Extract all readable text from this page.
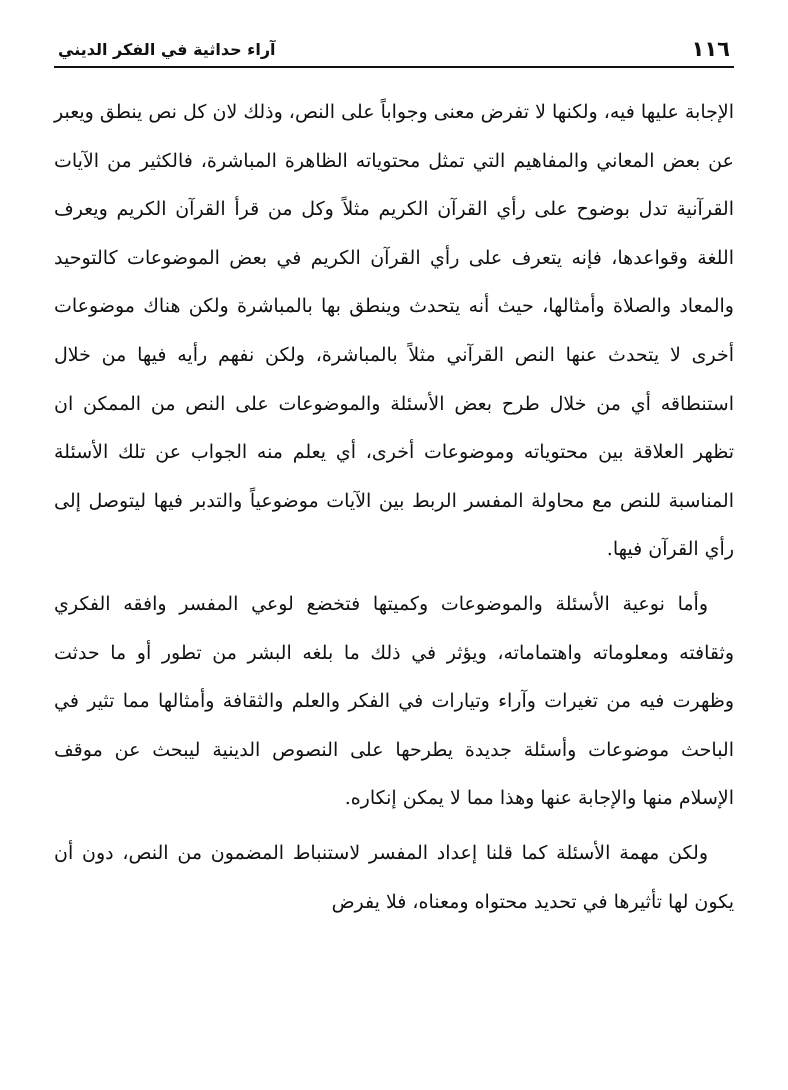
١١٦
آراء حداثية في الفكر الديني

الإجابة عليها فيه، ولكنها لا تفرض معنى وجواباً على النص، وذلك لان كل نص ينطق ويعبر عن بعض المعاني والمفاهيم التي تمثل محتوياته الظاهرة المباشرة، فالكثير من الآيات القرآنية تدل بوضوح على رأي القرآن الكريم مثلاً وكل من قرأ القرآن الكريم ويعرف اللغة وقواعدها، فإنه يتعرف على رأي القرآن الكريم في بعض الموضوعات كالتوحيد والمعاد والصلاة وأمثالها، حيث أنه يتحدث وينطق بها بالمباشرة ولكن هناك موضوعات أخرى لا يتحدث عنها النص القرآني مثلاً بالمباشرة، ولكن نفهم رأيه فيها من خلال استنطاقه أي من خلال طرح بعض الأسئلة والموضوعات على النص من الممكن ان تظهر العلاقة بين محتوياته وموضوعات أخرى، أي يعلم منه الجواب عن تلك الأسئلة المناسبة للنص مع محاولة المفسر الربط بين الآيات موضوعياً والتدبر فيها ليتوصل إلى رأي القرآن فيها.

وأما نوعية الأسئلة والموضوعات وكميتها فتخضع لوعي المفسر وافقه الفكري وثقافته ومعلوماته واهتماماته، ويؤثر في ذلك ما بلغه البشر من تطور أو ما حدثت وظهرت فيه من تغيرات وآراء وتيارات في الفكر والعلم والثقافة وأمثالها مما تثير في الباحث موضوعات وأسئلة جديدة يطرحها على النصوص الدينية ليبحث عن موقف الإسلام منها والإجابة عنها وهذا مما لا يمكن إنكاره.

ولكن مهمة الأسئلة كما قلنا إعداد المفسر لاستنباط المضمون من النص، دون أن يكون لها تأثيرها في تحديد محتواه ومعناه، فلا يفرض
